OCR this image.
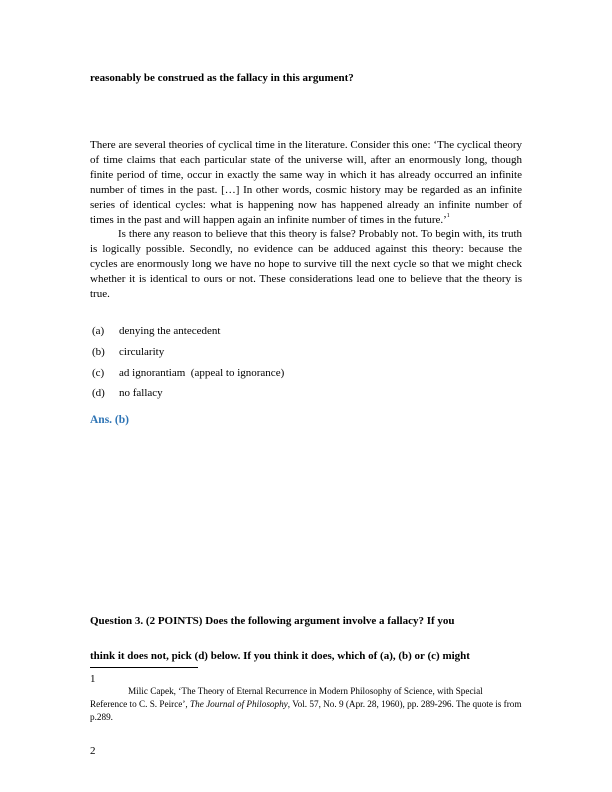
reasonably be construed as the fallacy in this argument?

There are several theories of cyclical time in the literature. Consider this one: ‘The cyclical theory of time claims that each particular state of the universe will, after an enormously long, though finite period of time, occur in exactly the same way in which it has already occurred an infinite number of times in the past. […] In other words, cosmic history may be regarded as an infinite series of identical cycles: what is happening now has happened already an infinite number of times in the past and will happen again an infinite number of times in the future.’$^1$

Is there any reason to believe that this theory is false? Probably not. To begin with, its truth is logically possible. Secondly, no evidence can be adduced against this theory: because the cycles are enormously long we have no hope to survive till the next cycle so that we might check whether it is identical to ours or not. These considerations lead one to believe that the theory is true.

(a) denying the antecedent
(b) circularity
(c) ad ignorantiam  (appeal to ignorance)
(d) no fallacy
Ans. (b)
Question 3. (2 POINTS) Does the following argument involve a fallacy? If you
think it does not, pick (d) below. If you think it does, which of (a), (b) or (c) might
1
Milic Capek, ‘The Theory of Eternal Recurrence in Modern Philosophy of Science, with Special Reference to C. S. Peirce’, The Journal of Philosophy, Vol. 57, No. 9 (Apr. 28, 1960), pp. 289-296. The quote is from p.289.
2
